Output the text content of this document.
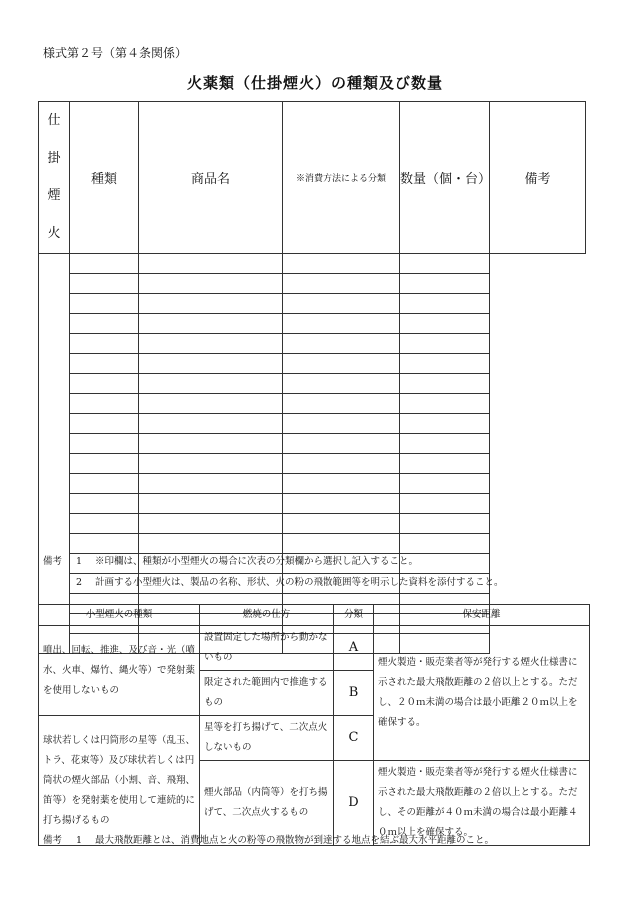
様式第２号（第４条関係）
火薬類（仕掛煙火）の種類及び数量
仕
掛
煙
火	種類	商品名	※消費方法による分類	数量（個・台）	備考

備考 1 ※印欄は、種類が小型煙火の場合に次表の分類欄から選択し記入すること。
2 計画する小型煙火は、製品の名称、形状、火の粉の飛散範囲等を明示した資料を添付すること。
小型煙火の種類	燃焼の仕方	分類	保安距離
噴出、回転、推進、及び音・光（噴水、火車、爆竹、縄火等）で発射薬を使用しないもの	設置固定した場所から動かないもの	A	煙火製造・販売業者等が発行する煙火仕様書に示された最大飛散距離の２倍以上とする。ただし、２０ｍ未満の場合は最小距離２０ｍ以上を確保する。
	限定された範囲内で推進するもの	B	
球状若しくは円筒形の星等（乱玉、トラ、花束等）及び球状若しくは円筒状の煙火部品（小割、音、飛翔、笛等）を発射薬を使用して連続的に打ち揚げるもの	星等を打ち揚げて、二次点火しないもの	C	
	煙火部品（内筒等）を打ち揚げて、二次点火するもの	D	煙火製造・販売業者等が発行する煙火仕様書に示された最大飛散距離の２倍以上とする。ただし、その距離が４０ｍ未満の場合は最小距離４０ｍ以上を確保する。
備考 1 最大飛散距離とは、消費地点と火の粉等の飛散物が到達する地点を結ぶ最大水平距離のこと。
